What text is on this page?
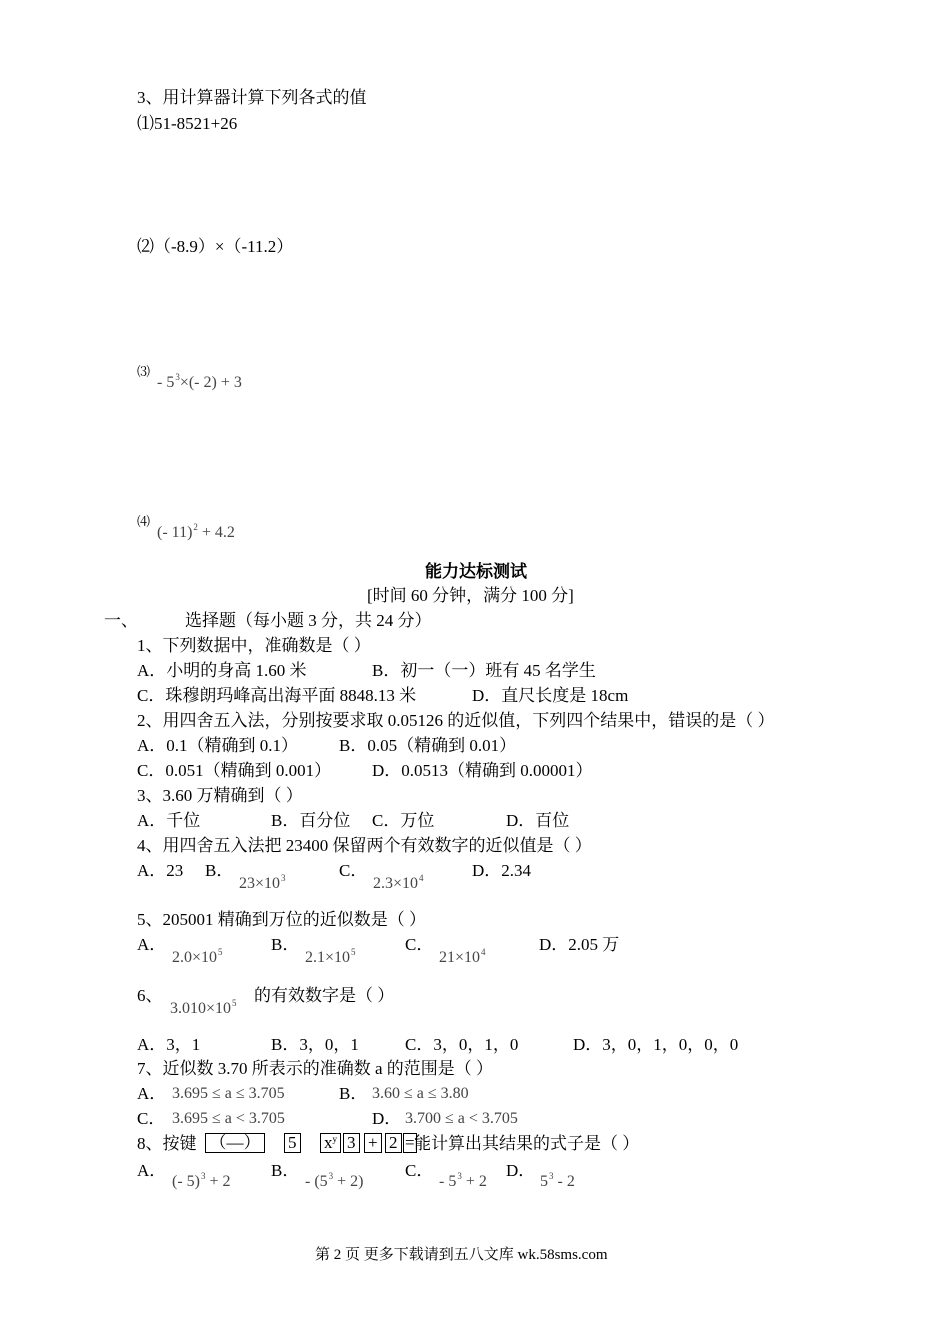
3、用计算器计算下列各式的值
⑴51-8521+26
⑵（-8.9）×（-11.2）
⑶
- $5^3\times(-$ 2) + 3
⑷
(- 11)$^2$ + 4.2
能力达标测试
[时间 60 分钟，满分 100 分]
一、	选择题（每小题 3 分，共 24 分）
1、下列数据中，准确数是（ ）
A．小明的身高 1.60 米	B．初一（一）班有 45 名学生
C．珠穆朗玛峰高出海平面 8848.13 米	D．直尺长度是 18cm
2、用四舍五入法，分别按要求取 0.05126 的近似值，下列四个结果中，错误的是（ ）
A．0.1（精确到 0.1） B．0.05（精确到 0.01）
C．0.051（精确到 0.001） D．0.0513（精确到 0.00001）
3、3.60 万精确到（ ）
A．千位	B．百分位 C．万位	D．百位
4、用四舍五入法把 23400 保留两个有效数字的近似值是（ ）
A．23 B．
$23\times 10^3$	C．
$2.3\times 10^4$	D．2.34
5、205001 精确到万位的近似数是（ ）
A．
$2.0\times 10^5$	B．
$2.1\times 10^5$	C．
$21\times 10^4$	D．2.05 万
6、
$3.010\times 10^5$ 的有效数字是（ ）
A．3，1	B．3，0，1	C．3，0，1，0	D．3，0，1，0，0，0
7、近似数 3.70 所表示的准确数 a 的范围是（ ）
A． 3.695 ≤ a ≤ 3.705	B． 3.60 ≤ a ≤ 3.80
C． 3.695 ≤ a < 3.705	D． 3.700 ≤ a < 3.705
8、按键 （—） 5 $x^y$ 3 + 2 = 能计算出其结果的式子是（ ）
A．
(- 5)$^3$ + 2
B．
- $(5^3 + 2)$
C．
- $5^3 + 2$
D．
$5^3 - 2$
第 2 页 更多下载请到五八文库 wk.58sms.com
